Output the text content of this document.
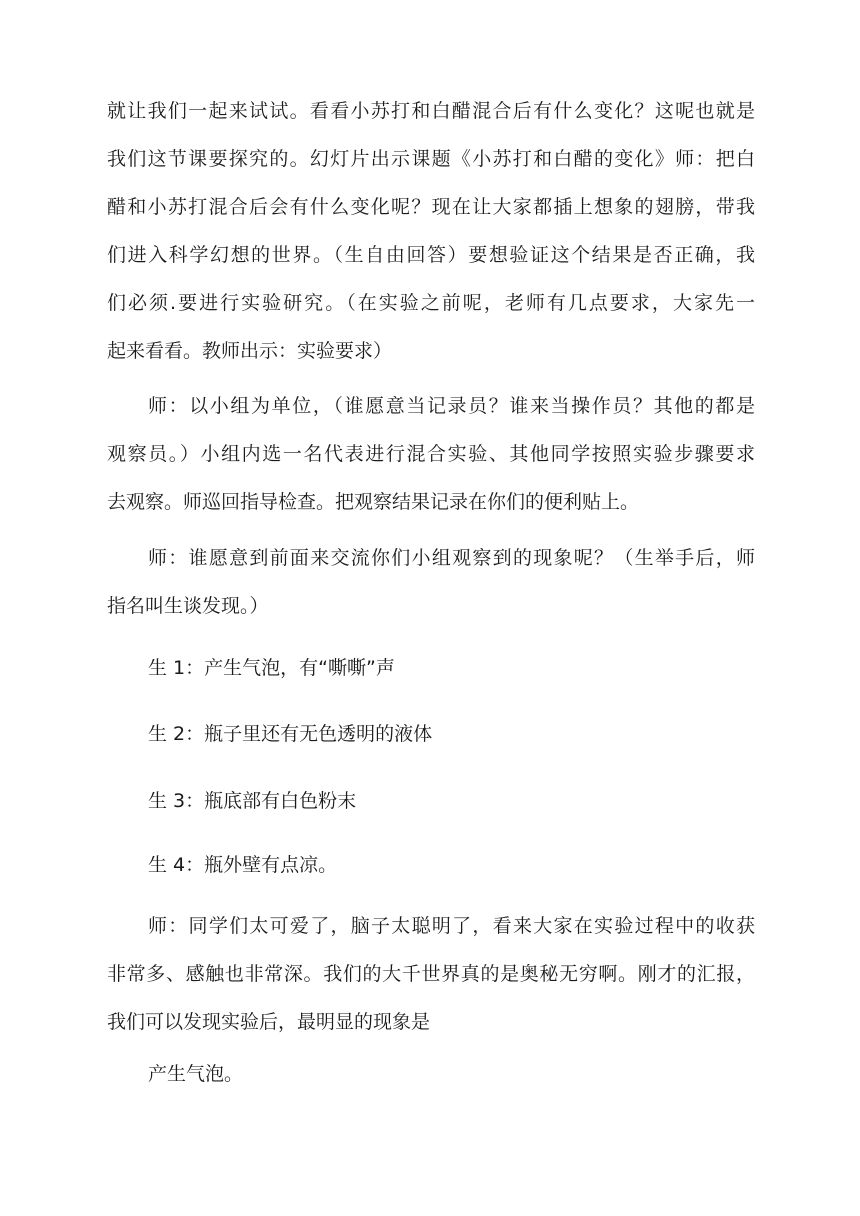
就让我们一起来试试。看看小苏打和白醋混合后有什么变化？这呢也就是
我们这节课要探究的。幻灯片出示课题《小苏打和白醋的变化》师：把白
醋和小苏打混合后会有什么变化呢？现在让大家都插上想象的翅膀，带我
们进入科学幻想的世界。（生自由回答）要想验证这个结果是否正确，我
们必须.要进行实验研究。（在实验之前呢，老师有几点要求，大家先一
起来看看。教师出示：实验要求）
师：以小组为单位，（谁愿意当记录员？谁来当操作员？其他的都是
观察员。）小组内选一名代表进行混合实验、其他同学按照实验步骤要求
去观察。师巡回指导检查。把观察结果记录在你们的便利贴上。
师：谁愿意到前面来交流你们小组观察到的现象呢？（生举手后，师
指名叫生谈发现。）
生 1：产生气泡，有“嘶嘶”声
生 2：瓶子里还有无色透明的液体
生 3：瓶底部有白色粉末
生 4：瓶外壁有点凉。
师：同学们太可爱了，脑子太聪明了，看来大家在实验过程中的收获
非常多、感触也非常深。我们的大千世界真的是奥秘无穷啊。刚才的汇报，
我们可以发现实验后，最明显的现象是
产生气泡。
